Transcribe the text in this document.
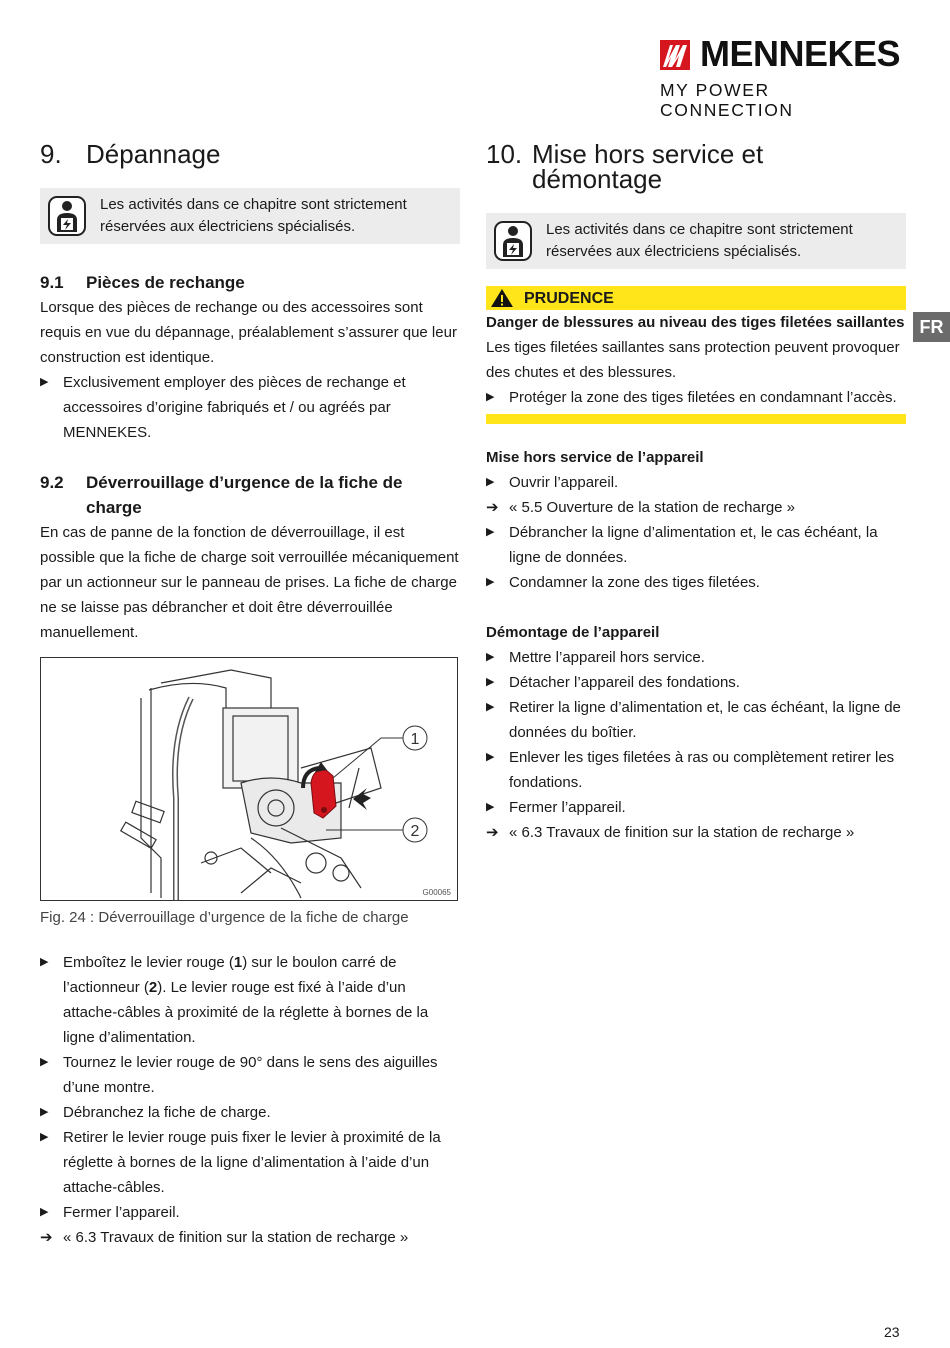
MENNEKES
MY POWER CONNECTION
FR
9. Dépannage

Les activités dans ce chapitre sont strictement réservées aux électriciens spécialisés.

9.1	Pièces de rechange

Lorsque des pièces de rechange ou des accessoires sont requis en vue du dépannage, préalablement s’assurer que leur construction est identique.

▶ Exclusivement employer des pièces de rechange et accessoires d’origine fabriqués et / ou agréés par MENNEKES.
9.2	Déverrouillage d’urgence de la fiche de charge

En cas de panne de la fonction de déverrouillage, il est possible que la fiche de charge soit verrouillée mécaniquement par un actionneur sur le panneau de prises. La fiche de charge ne se laisse pas débrancher et doit être déverrouillée manuellement.

1
2
G00065

Fig. 24 : Déverrouillage d’urgence de la fiche de charge

▶ Emboîtez le levier rouge (1) sur le boulon carré de l’actionneur (2). Le levier rouge est fixé à l’aide d’un attache-câbles à proximité de la réglette à bornes de la ligne d’alimentation.
▶ Tournez le levier rouge de 90° dans le sens des aiguilles d’une montre.
▶ Débranchez la fiche de charge.
▶ Retirer le levier rouge puis fixer le levier à proximité de la réglette à bornes de la ligne d’alimentation à l’aide d’un attache-câbles.
▶ Fermer l’appareil.
➔ « 6.3 Travaux de finition sur la station de recharge »
10. Mise hors service et
démontage

Les activités dans ce chapitre sont strictement réservées aux électriciens spécialisés.

PRUDENCE

Danger de blessures au niveau des tiges filetées saillantes

Les tiges filetées saillantes sans protection peuvent provoquer des chutes et des blessures.

▶ Protéger la zone des tiges filetées en condamnant l’accès.

Mise hors service de l’appareil

▶ Ouvrir l’appareil.
➔ « 5.5 Ouverture de la station de recharge »
▶ Débrancher la ligne d’alimentation et, le cas échéant, la ligne de données.
▶ Condamner la zone des tiges filetées.

Démontage de l’appareil

▶ Mettre l’appareil hors service.
▶ Détacher l’appareil des fondations.
▶ Retirer la ligne d’alimentation et, le cas échéant, la ligne de données du boîtier.
▶ Enlever les tiges filetées à ras ou complètement retirer les fondations.
▶ Fermer l’appareil.
➔ « 6.3 Travaux de finition sur la station de recharge »
23
